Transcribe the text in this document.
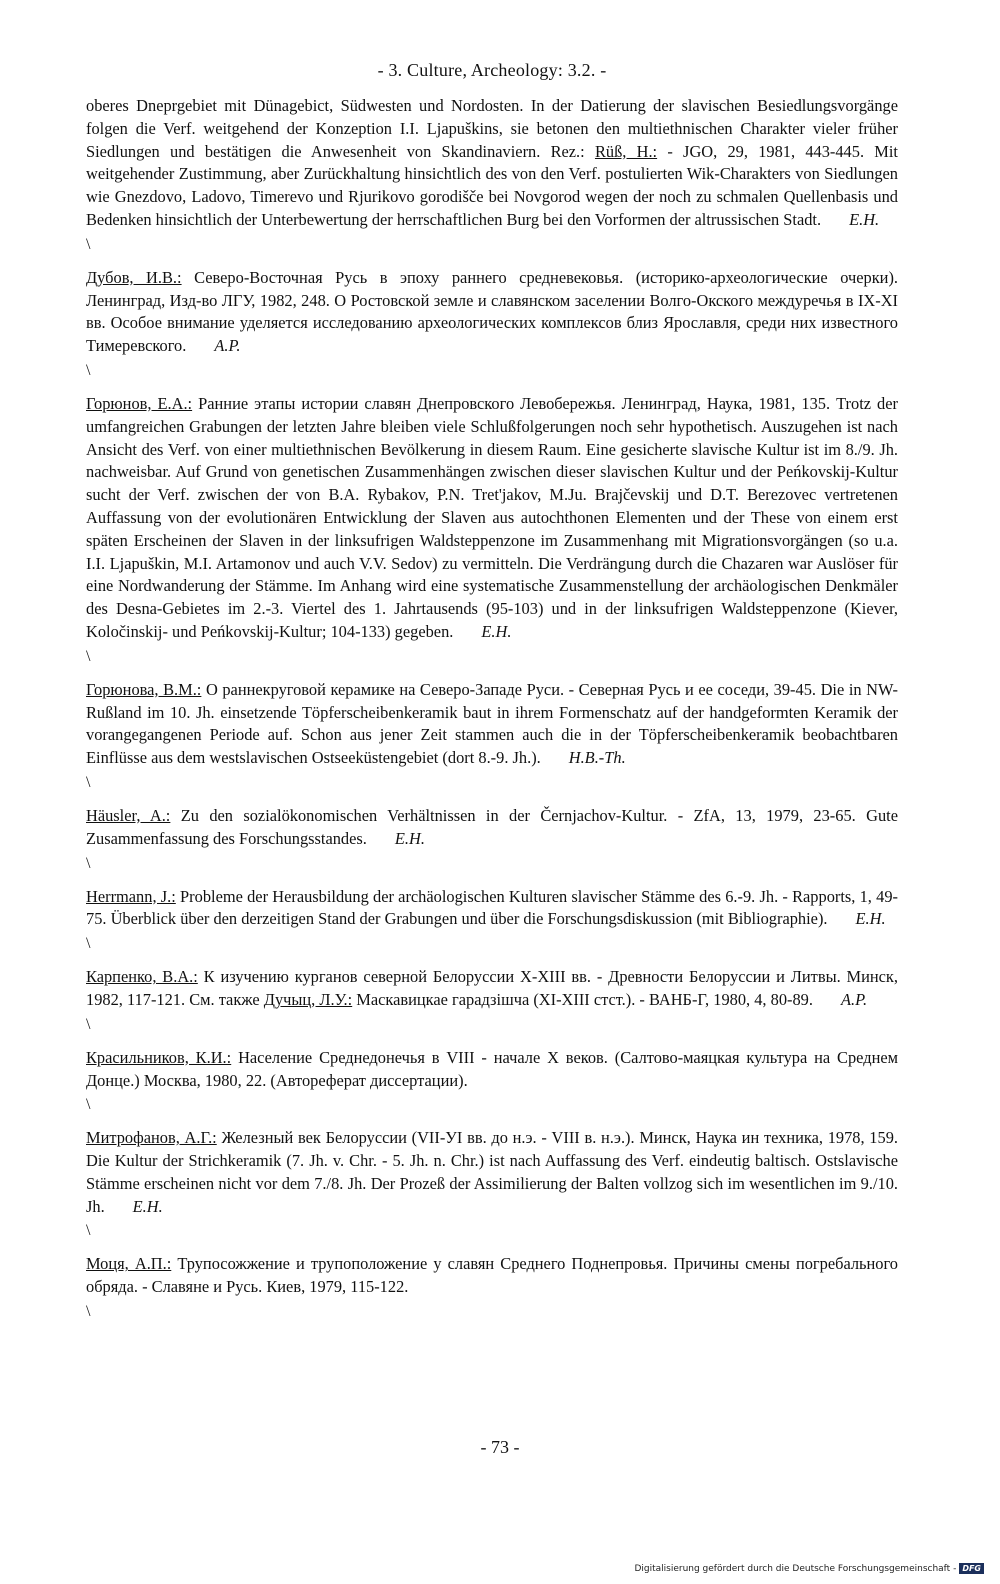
- 3. Culture, Archeology: 3.2. -
oberes Dneprgebiet mit Dünagebict, Südwesten und Nordosten. In der Datierung der slavischen Besiedlungsvorgänge folgen die Verf. weitgehend der Konzeption I.I. Ljapuškins, sie betonen den multiethnischen Charakter vieler früher Siedlungen und bestätigen die Anwesenheit von Skandinaviern. Rez.: Rüß, H.: - JGO, 29, 1981, 443-445. Mit weitgehender Zustimmung, aber Zurückhaltung hinsichtlich des von den Verf. postulierten Wik-Charakters von Siedlungen wie Gnezdovo, Ladovo, Timerevo und Rjurikovo gorodišče bei Novgorod wegen der noch zu schmalen Quellenbasis und Bedenken hinsichtlich der Unterbewertung der herrschaftlichen Burg bei den Vorformen der altrussischen Stadt. E.H.
\
Дубов, И.В.: Северо-Восточная Русь в эпоху раннего средневековья. (историко-археологические очерки). Ленинград, Изд-во ЛГУ, 1982, 248. О Ростовской земле и славянском заселении Волго-Окского междуречья в IX-XI вв. Особое внимание уделяется исследованию археологических комплексов близ Ярославля, среди них известного Тимеревского. A.P.
\
Горюнов, Е.А.: Ранние этапы истории славян Днепровского Левобережья. Ленинград, Наука, 1981, 135. Trotz der umfangreichen Grabungen der letzten Jahre bleiben viele Schlußfolgerungen noch sehr hypothetisch. Auszugehen ist nach Ansicht des Verf. von einer multiethnischen Bevölkerung in diesem Raum. Eine gesicherte slavische Kultur ist im 8./9. Jh. nachweisbar. Auf Grund von genetischen Zusammenhängen zwischen dieser slavischen Kultur und der Peńkovskij-Kultur sucht der Verf. zwischen der von B.A. Rybakov, P.N. Tret'jakov, M.Ju. Brajčevskij und D.T. Berezovec vertretenen Auffassung von der evolutionären Entwicklung der Slaven aus autochthonen Elementen und der These von einem erst späten Erscheinen der Slaven in der linksufrigen Waldsteppenzone im Zusammenhang mit Migrationsvorgängen (so u.a. I.I. Ljapuškin, M.I. Artamonov und auch V.V. Sedov) zu vermitteln. Die Verdrängung durch die Chazaren war Auslöser für eine Nordwanderung der Stämme. Im Anhang wird eine systematische Zusammenstellung der archäologischen Denkmäler des Desna-Gebietes im 2.-3. Viertel des 1. Jahrtausends (95-103) und in der linksufrigen Waldsteppenzone (Kiever, Koločinskij- und Peńkovskij-Kultur; 104-133) gegeben. E.H.
\
Горюнова, В.М.: О раннекруговой керамике на Северо-Западе Руси. - Северная Русь и ее соседи, 39-45. Die in NW-Rußland im 10. Jh. einsetzende Töpferscheibenkeramik baut in ihrem Formenschatz auf der handgeformten Keramik der vorangegangenen Periode auf. Schon aus jener Zeit stammen auch die in der Töpferscheibenkeramik beobachtbaren Einflüsse aus dem westslavischen Ostseeküstengebiet (dort 8.-9. Jh.). H.B.-Th.
\
Häusler, A.: Zu den sozialökonomischen Verhältnissen in der Černjachov-Kultur. - ZfA, 13, 1979, 23-65. Gute Zusammenfassung des Forschungsstandes. E.H.
\
Herrmann, J.: Probleme der Herausbildung der archäologischen Kulturen slavischer Stämme des 6.-9. Jh. - Rapports, 1, 49-75. Überblick über den derzeitigen Stand der Grabungen und über die Forschungsdiskussion (mit Bibliographie). E.H.
\
Карпенко, В.А.: К изучению курганов северной Белоруссии X-XIII вв. - Древности Белоруссии и Литвы. Минск, 1982, 117-121. См. также Дучыц, Л.У.: Маскавицкае гарадзішча (XI-XIII стст.). - ВАНБ-Г, 1980, 4, 80-89. A.P.
\
Красильников, К.И.: Население Среднедонечья в VIII - начале X веков. (Салтово-маяцкая культура на Среднем Донце.) Москва, 1980, 22. (Автореферат диссертации).
\
Митрофанов, А.Г.: Железный век Белоруссии (VII-УI вв. до н.э. - VIII в. н.э.). Минск, Наука ин техника, 1978, 159. Die Kultur der Strichkeramik (7. Jh. v. Chr. - 5. Jh. n. Chr.) ist nach Auffassung des Verf. eindeutig baltisch. Ostslavische Stämme erscheinen nicht vor dem 7./8. Jh. Der Prozeß der Assimilierung der Balten vollzog sich im wesentlichen im 9./10. Jh. E.H.
\
Моця, А.П.: Трупосожжение и трупоположение у славян Среднего Поднепровья. Причины смены погребального обряда. - Славяне и Русь. Киев, 1979, 115-122.
\
- 73 -
Digitalisierung gefördert durch die Deutsche Forschungsgemeinschaft - DFG
